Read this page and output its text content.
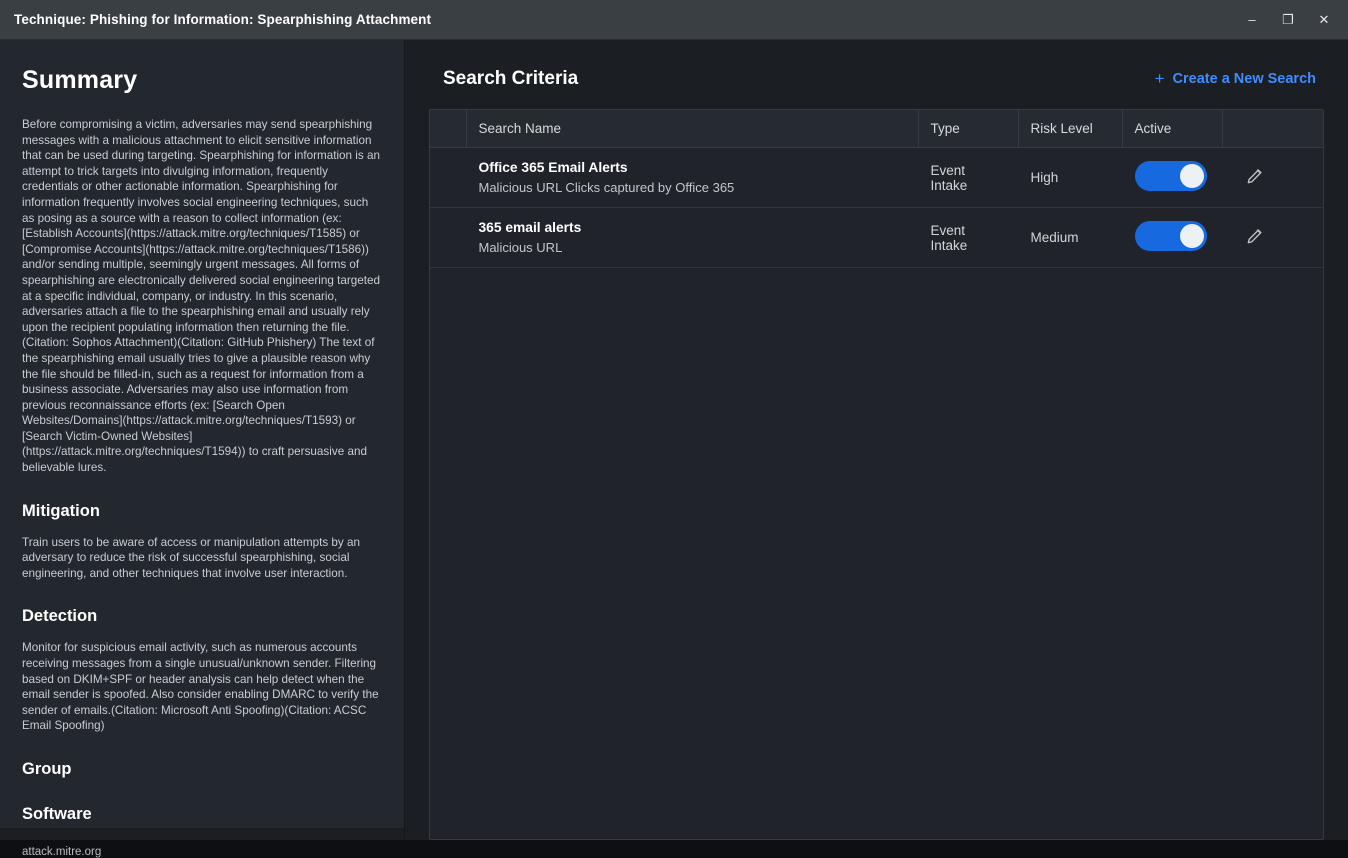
Technique: Phishing for Information: Spearphishing Attachment	–	❐	✕
Summary

Before compromising a victim, adversaries may send spearphishing messages with a malicious attachment to elicit sensitive information that can be used during targeting. Spearphishing for information is an attempt to trick targets into divulging information, frequently credentials or other actionable information. Spearphishing for information frequently involves social engineering techniques, such as posing as a source with a reason to collect information (ex: [Establish Accounts](https://attack.mitre.org/techniques/T1585) or [Compromise Accounts](https://attack.mitre.org/techniques/T1586)) and/or sending multiple, seemingly urgent messages. All forms of spearphishing are electronically delivered social engineering targeted at a specific individual, company, or industry. In this scenario, adversaries attach a file to the spearphishing email and usually rely upon the recipient populating information then returning the file.(Citation: Sophos Attachment)(Citation: GitHub Phishery) The text of the spearphishing email usually tries to give a plausible reason why the file should be filled-in, such as a request for information from a business associate. Adversaries may also use information from previous reconnaissance efforts (ex: [Search Open Websites/Domains](https://attack.mitre.org/techniques/T1593) or [Search Victim-Owned Websites](https://attack.mitre.org/techniques/T1594)) to craft persuasive and believable lures.

Mitigation

Train users to be aware of access or manipulation attempts by an adversary to reduce the risk of successful spearphishing, social engineering, and other techniques that involve user interaction.

Detection

Monitor for suspicious email activity, such as numerous accounts receiving messages from a single unusual/unknown sender. Filtering based on DKIM+SPF or header analysis can help detect when the email sender is spoofed. Also consider enabling DMARC to verify the sender of emails.(Citation: Microsoft Anti Spoofing)(Citation: ACSC Email Spoofing)

Group
Software
attack.mitre.org
Search Criteria	+ Create a New Search
	Search Name	Type	Risk Level	Active	

	Office 365 Email Alerts
Malicious URL Clicks captured by Office 365	Event Intake	High	

	365 email alerts
Malicious URL	Event Intake	Medium	
